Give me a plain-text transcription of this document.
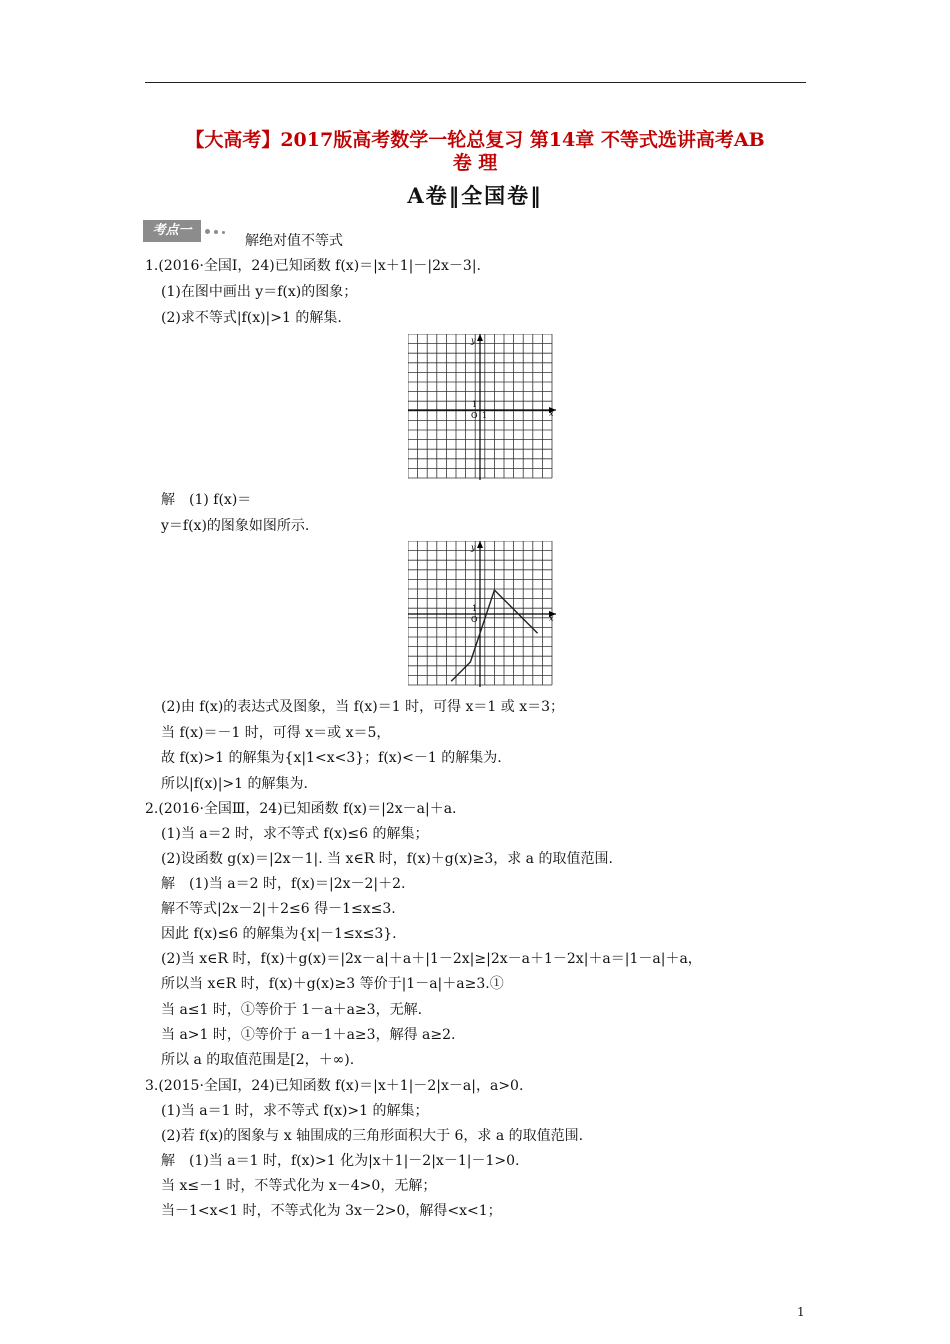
【大高考】2017版高考数学一轮总复习 第14章 不等式选讲高考AB
卷 理
A卷‖全国卷‖
考点一
解绝对值不等式
1.(2016·全国Ⅰ，24)已知函数 f(x)＝|x＋1|－|2x－3|.
(1)在图中画出 y＝f(x)的图象；
(2)求不等式|f(x)|>1 的解集.
y
x
1
O 1
解　(1) f(x)＝
y＝f(x)的图象如图所示.
y
x
1
O
(2)由 f(x)的表达式及图象，当 f(x)＝1 时，可得 x＝1 或 x＝3；
当 f(x)＝－1 时，可得 x＝或 x＝5，
故 f(x)>1 的解集为{x|1<x<3}；f(x)<－1 的解集为.
所以|f(x)|>1 的解集为.
2.(2016·全国Ⅲ，24)已知函数 f(x)＝|2x－a|＋a.
(1)当 a＝2 时，求不等式 f(x)≤6 的解集；
(2)设函数 g(x)＝|2x－1|. 当 x∈R 时，f(x)＋g(x)≥3，求 a 的取值范围.
解　(1)当 a＝2 时，f(x)＝|2x－2|＋2.
解不等式|2x－2|＋2≤6 得－1≤x≤3.
因此 f(x)≤6 的解集为{x|－1≤x≤3}.
(2)当 x∈R 时，f(x)＋g(x)＝|2x－a|＋a＋|1－2x|≥|2x－a＋1－2x|＋a＝|1－a|＋a，
所以当 x∈R 时，f(x)＋g(x)≥3 等价于|1－a|＋a≥3.①
当 a≤1 时，①等价于 1－a＋a≥3，无解.
当 a>1 时，①等价于 a－1＋a≥3，解得 a≥2.
所以 a 的取值范围是[2，＋∞).
3.(2015·全国Ⅰ，24)已知函数 f(x)＝|x＋1|－2|x－a|，a>0.
(1)当 a＝1 时，求不等式 f(x)>1 的解集；
(2)若 f(x)的图象与 x 轴围成的三角形面积大于 6，求 a 的取值范围.
解　(1)当 a＝1 时，f(x)>1 化为|x＋1|－2|x－1|－1>0.
当 x≤－1 时，不等式化为 x－4>0，无解；
当－1<x<1 时，不等式化为 3x－2>0，解得<x<1；
1
